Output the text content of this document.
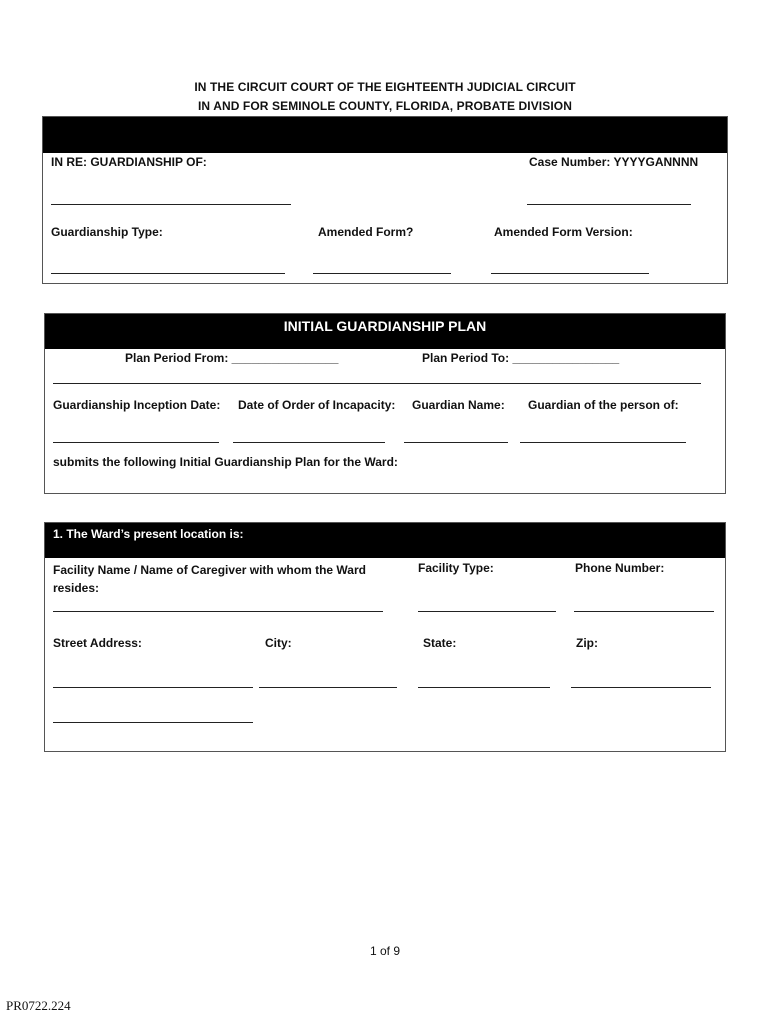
IN THE CIRCUIT COURT OF THE EIGHTEENTH JUDICIAL CIRCUIT
IN AND FOR SEMINOLE COUNTY, FLORIDA, PROBATE DIVISION
IN RE: GUARDIANSHIP OF:	Case Number: YYYYGANNNN
Guardianship Type:	Amended Form?	Amended Form Version:
INITIAL GUARDIANSHIP PLAN
Plan Period From: ________________	Plan Period To: ________________
Guardianship Inception Date: Date of Order of Incapacity: Guardian Name: Guardian of the person of:
submits the following Initial Guardianship Plan for the Ward:
1. The Ward’s present location is:
Facility Name / Name of Caregiver with whom the Ward resides:
Facility Type:	Phone Number:
Street Address:	City:	State:	Zip:
1 of 9
PR0722.224
